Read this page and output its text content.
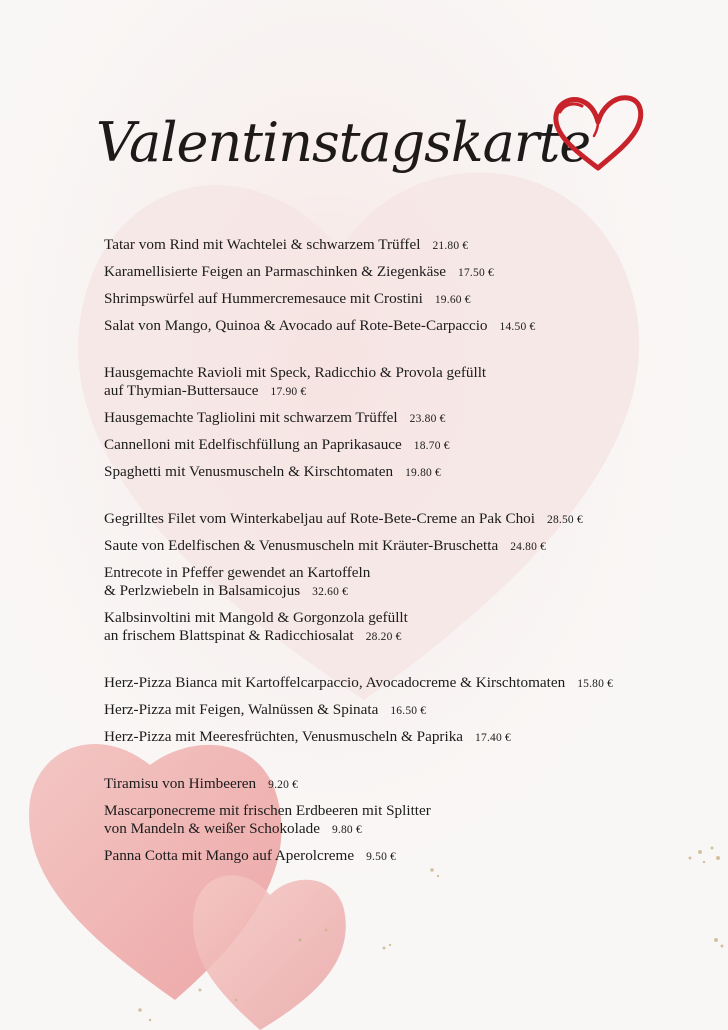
Valentinstagskarte
Tatar vom Rind mit Wachtelei & schwarzem Trüffel 21.80 €
Karamellisierte Feigen an Parmaschinken & Ziegenkäse 17.50 €
Shrimpswürfel auf Hummercremesauce mit Crostini 19.60 €
Salat von Mango, Quinoa & Avocado auf Rote-Bete-Carpaccio 14.50 €
Hausgemachte Ravioli mit Speck, Radicchio & Provola gefüllt
auf Thymian-Buttersauce 17.90 €
Hausgemachte Tagliolini mit schwarzem Trüffel 23.80 €
Cannelloni mit Edelfischfüllung an Paprikasauce 18.70 €
Spaghetti mit Venusmuscheln & Kirschtomaten 19.80 €
Gegrilltes Filet vom Winterkabeljau auf Rote-Bete-Creme an Pak Choi 28.50 €
Saute von Edelfischen & Venusmuscheln mit Kräuter-Bruschetta 24.80 €
Entrecote in Pfeffer gewendet an Kartoffeln
& Perlzwiebeln in Balsamicojus 32.60 €
Kalbsinvoltini mit Mangold & Gorgonzola gefüllt
an frischem Blattspinat & Radicchiosalat 28.20 €
Herz-Pizza Bianca mit Kartoffelcarpaccio, Avocadocreme & Kirschtomaten 15.80 €
Herz-Pizza mit Feigen, Walnüssen & Spinata 16.50 €
Herz-Pizza mit Meeresfrüchten, Venusmuscheln & Paprika 17.40 €
Tiramisu von Himbeeren 9.20 €
Mascarponecreme mit frischen Erdbeeren mit Splitter
von Mandeln & weißer Schokolade 9.80 €
Panna Cotta mit Mango auf Aperolcreme 9.50 €
